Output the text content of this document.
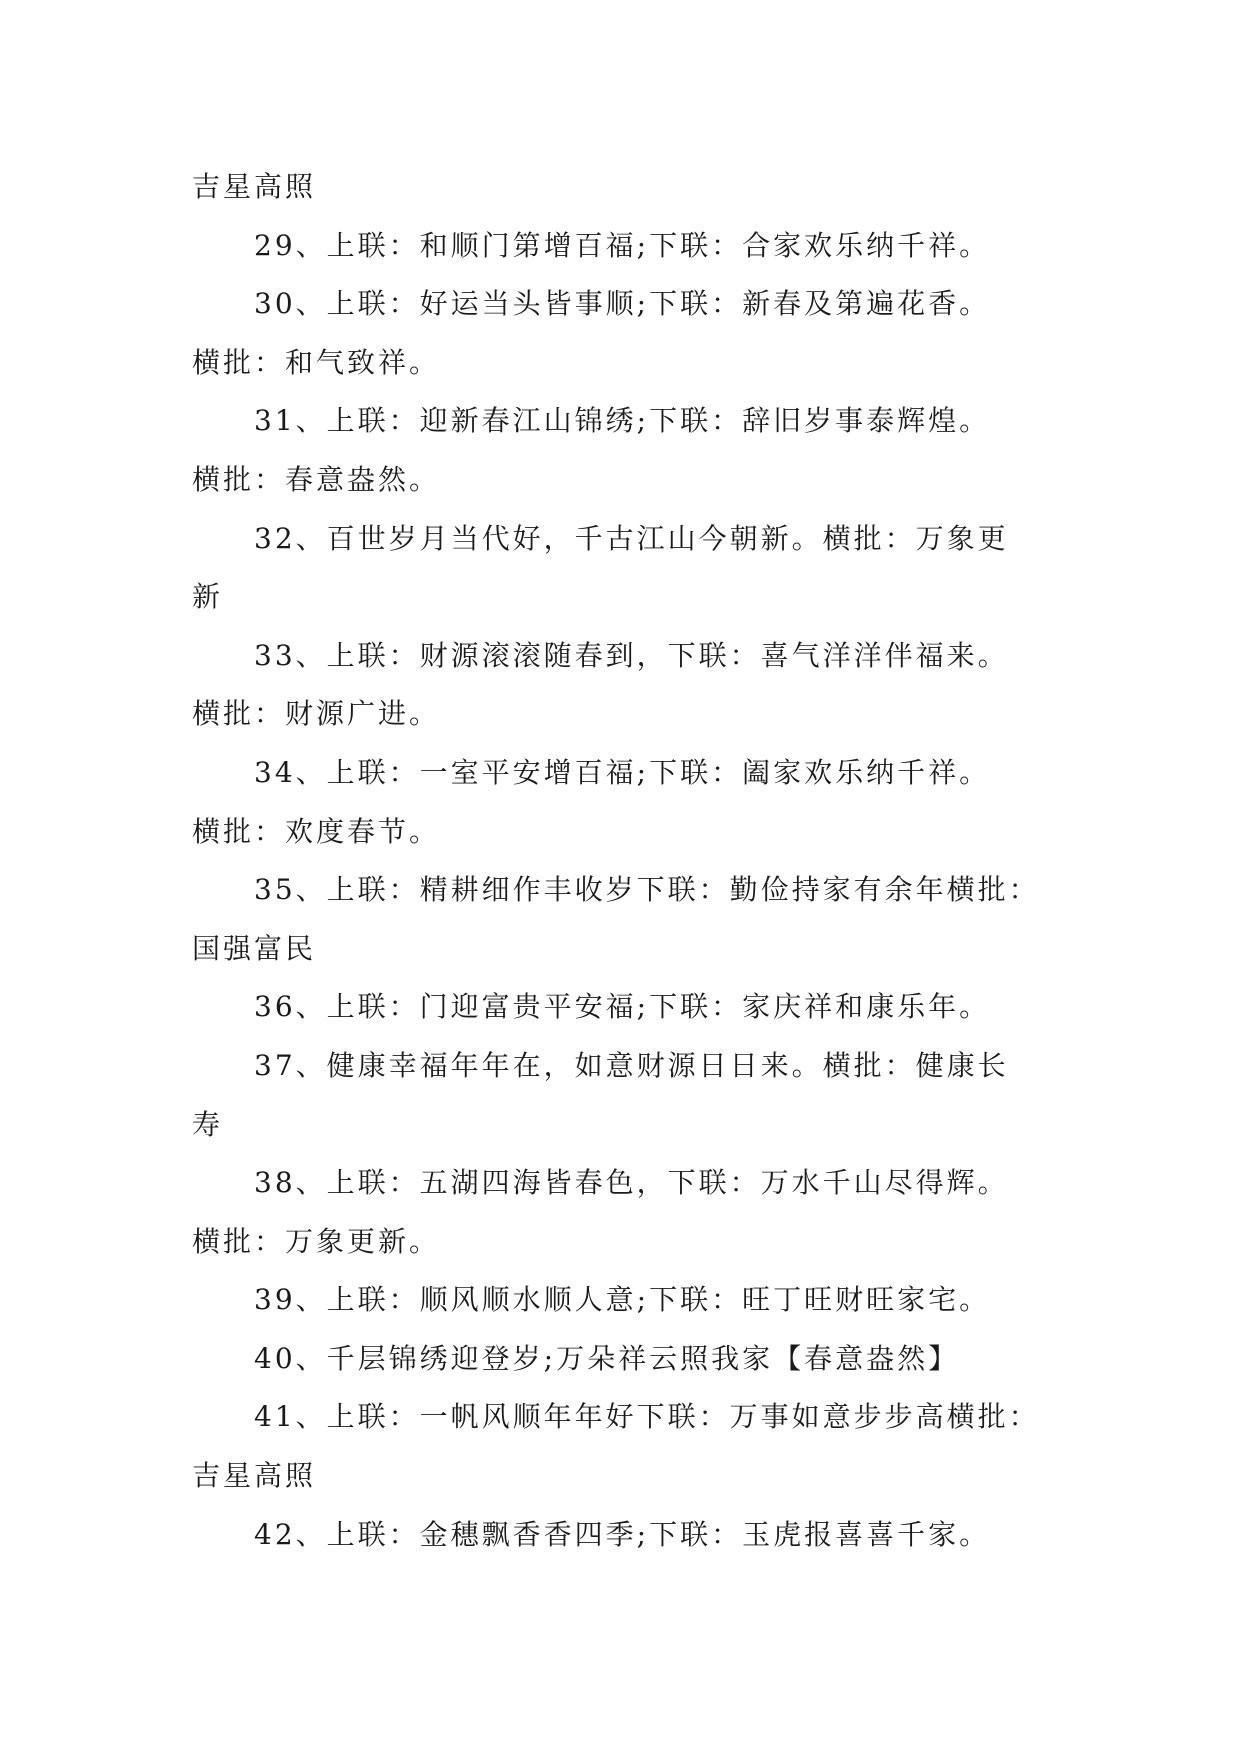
吉星高照
29、上联：和顺门第增百福;下联：合家欢乐纳千祥。
30、上联：好运当头皆事顺;下联：新春及第遍花香。
横批：和气致祥。
31、上联：迎新春江山锦绣;下联：辞旧岁事泰辉煌。
横批：春意盎然。
32、百世岁月当代好，千古江山今朝新。横批：万象更
新
33、上联：财源滚滚随春到，下联：喜气洋洋伴福来。
横批：财源广进。
34、上联：一室平安增百福;下联：阖家欢乐纳千祥。
横批：欢度春节。
35、上联：精耕细作丰收岁下联：勤俭持家有余年横批：
国强富民
36、上联：门迎富贵平安福;下联：家庆祥和康乐年。
37、健康幸福年年在，如意财源日日来。横批：健康长
寿
38、上联：五湖四海皆春色，下联：万水千山尽得辉。
横批：万象更新。
39、上联：顺风顺水顺人意;下联：旺丁旺财旺家宅。
40、千层锦绣迎登岁;万朵祥云照我家【春意盎然】
41、上联：一帆风顺年年好下联：万事如意步步高横批：
吉星高照
42、上联：金穗飘香香四季;下联：玉虎报喜喜千家。
